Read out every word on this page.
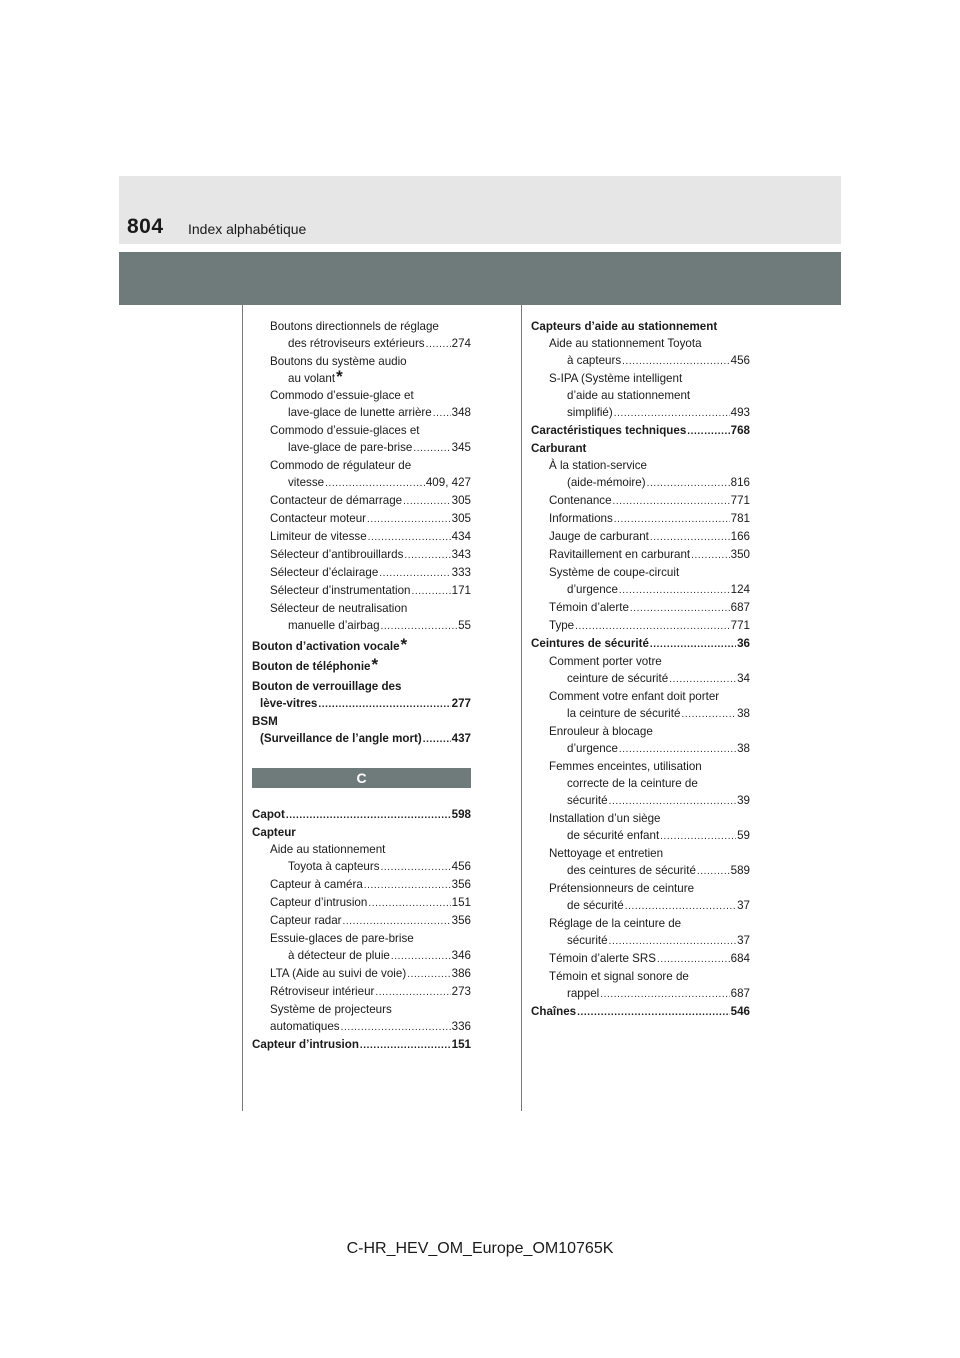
804 Index alphabétique
Boutons directionnels de réglage
des rétroviseurs extérieurs ..... 274
Boutons du système audio
au volant *
Commodo d’essuie-glace et
lave-glace de lunette arrière ..... 348
Commodo d’essuie-glaces et
lave-glace de pare-brise .....	345
Commodo de régulateur de
vitesse .....	409, 427
Contacteur de démarrage .....	305
Contacteur moteur .....	305
Limiteur de vitesse .....	434
Sélecteur d’antibrouillards .....	343
Sélecteur d’éclairage .....	333
Sélecteur d’instrumentation .....	171
Sélecteur de neutralisation
manuelle d’airbag .....	55
Bouton d’activation vocale *
Bouton de téléphonie *
Bouton de verrouillage des
lève-vitres .....	277
BSM
(Surveillance de l’angle mort) .....	437
C
Capot .....	598
Capteur
Aide au stationnement
Toyota à capteurs .....	456
Capteur à caméra .....	356
Capteur d’intrusion .....	151
Capteur radar .....	356
Essuie-glaces de pare-brise
à détecteur de pluie .....	346
LTA (Aide au suivi de voie) .....	386
Rétroviseur intérieur .....	273
Système de projecteurs
automatiques .....	336
Capteur d’intrusion .....	151
Capteurs d’aide au stationnement
Aide au stationnement Toyota
à capteurs .....	456
S-IPA (Système intelligent
d’aide au stationnement
simplifié) .....	493
Caractéristiques techniques .....	768
Carburant
À la station-service
(aide-mémoire) .....	816
Contenance .....	771
Informations .....	781
Jauge de carburant .....	166
Ravitaillement en carburant .....	350
Système de coupe-circuit
d’urgence .....	124
Témoin d’alerte .....	687
Type .....	771
Ceintures de sécurité .....	36
Comment porter votre
ceinture de sécurité .....	34
Comment votre enfant doit porter
la ceinture de sécurité .....	38
Enrouleur à blocage
d’urgence .....	38
Femmes enceintes, utilisation
correcte de la ceinture de
sécurité .....	39
Installation d’un siège
de sécurité enfant .....	59
Nettoyage et entretien
des ceintures de sécurité .....	589
Prétensionneurs de ceinture
de sécurité .....	37
Réglage de la ceinture de
sécurité .....	37
Témoin d’alerte SRS .....	684
Témoin et signal sonore de
rappel .....	687
Chaînes .....	546
C-HR_HEV_OM_Europe_OM10765K
